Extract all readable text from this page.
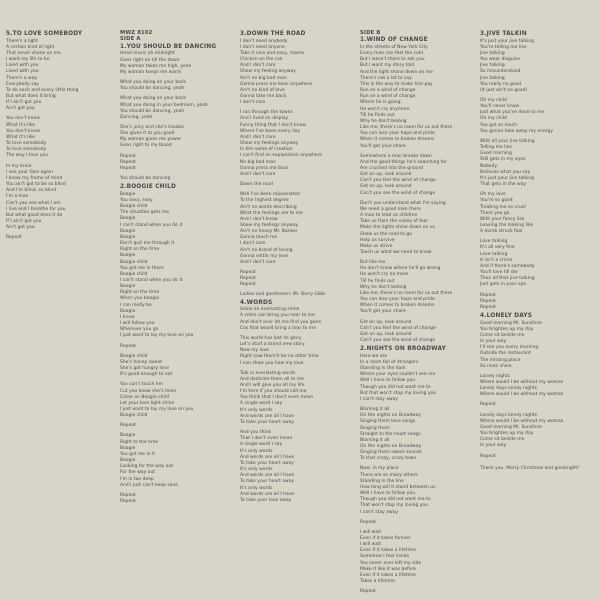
5.TO LOVE SOMEBODY
There's a light
A certain kind of light
That never shone on me
I want my life to be
Lived with you
Lived with you
There's a way
Everybody say
To do each and every little thing
But what does it bring
If I ain't got you
Ain't got you
You don't know
What it's like
You don't know
What it's like
To love somebody
To love somebody
The way I love you
In my brain
I see your face again
I know my frame of mind
You ain't got to be so blind
And I'm blind, so blind
I'm a man
Can't you see what I am
I live and I breathe for you
But what good does it do
If I ain't got you
Ain't got you
Repeat
MWZ 8102
SIDE A
1.YOU SHOULD BE DANCING
Head music oh midnight
Goes right on till the dawn
My woman takes me high, yeah
My woman keeps me warm
What you doing on your back
You should be dancing, yeah
What you doing on your back
What you doing in your bedroom, yeah
You should be dancing, yeah
Dancing, yeah
She's juicy and she's trouble
She gives it to you good
My woman gives me power
Goes right to my blood
Repeat
Repeat
Repeat
You should be dancing
2.BOOGIE CHILD
Boogie
You sexy, sexy
Boogie child
The situation gets me
Boogie
I can't stand when you do it
Boogie
Boogie
Don't quit me through it
Right on the time
Boogie
Boogie child
You got me in there
Boogie child
I can't stand when you do it
Boogie
Right on the time
When you boogie
I can really be
Boogie
I know
I will follow you
Wherever you go
I just want to lay my love on you
Repeat
Boogie child
She's honey sweet
She's got hungry love
It's good enough to eat
You can't touch her
Cut you know she's mine
Come on Boogie child
Let your love light shine
I just want to lay my love on you
Boogie child
Repeat
Boogie
Right to the time
Boogie
You got me in it
Boogie
Looking for the way out
For the way out
I'm in too deep
And I just can't keep sane
Repeat
Repeat
3.DOWN THE ROAD
I don't need anybody
I don't need anyone
Take it nice and easy, mama
Chicken on the run
And I don't care
Show my feeling anyway
Ain't no big bad man
Gonna press me back anywhere
Ain't no kind of love
Gonna take me back
I don't care
I ran through the towns
And I lived on display
Funny thing that I don't know
Where I've been every day
And I don't care
Show my feelings anyway
In the name of creation
I can't find an explanation anywhere
No big bad man
Gonna press me back
And I don't care
Down the road
Well I've been rejuvenated
To the highest degree
Ain't no words describing
What the feelings are to me
And I don't know
Show my feelings anyway
Ain't no heavy Mr. Banker
Gonna touch me
I don't care
Ain't no brand of loving
Gonna settle my love
And I don't care
Repeat
Repeat
Repeat
Ladies and gentlemen: Mr. Barry Gibb
4.WORDS
Smile an everlasting smile
A smile can bring you near to me
And don't ever let me find you gone
Cos that would bring a tear to me
This world has lost its glory
Let's start a brand new story
Now my love
Right now there'll be no other time
I can show you how my love
Talk in everlasting words
And dedicate them all to me
And I will give you all my life
I'm here if you should call me
You think that I don't even mean
A single word I say
It's only words
And words are all I have
To take your heart away
And you think
That I don't even mean
A single word I say
It's only words
And words are all I have
To take your heart away
It's only words
And words are all I have
To take your heart away
It's only words
And words are all I have
To take your love away
SIDE B
1.WIND OF CHANGE
In the streets of New York City
Every man can feel the cold
But I wasn't there to ask you
But I want my story told
And the light shone down on me
There's not a lot to say
This is the way to make him pay
Run on a wind of change
Run on a wind of change
Where he is going
He won't cry anymore
Till he finds out
Why he don't belong
Like me, there's no room for us out there
You can lose your hope and pride
When it comes to broken dreams
You'll get your share
Somewhere a man breaks down
And the good things he's searching for
Are crushed into the ground
Get on up, look around
Can't you feel the wind of change
Get on up, look around
Can't you see the wind of change
Don't you understand what I'm saying
We need a good man there
A man to lead us children
Take us from the valley of fear
Make the lights shine down on us
Show us the road to go
Help us survive
Make us strive
Teach us what we need to know
But like me
He don't know where he'll go wrong
He won't cry no more
Till he finds out
Why he don't belong
Like me, there's no room for us out there
You can lose your hope and pride
When it comes to broken dreams
You'll get your share
Get on up, look around
Can't you feel the wind of change
Get on up, look around
Can't you see the wind of change
2.NIGHTS ON BROADWAY
Here we are
In a room full of strangers
Standing in the dark
Where your eyes couldn't see me
Well I have to follow you
Though you did not want me to
But that won't stop my loving you
I can't stay away
Blaming it all
On the nights on Broadway
Singing them love songs
Singing them
Straight to the heart songs
Blaming it all
On the nights on Broadway
Singing them sweet sounds
To that crazy, crazy town
Now, in my place
There are so many others
Standing in the line
How long will it stand between us
Well I have to follow you
Though you did not want me to
That won't stop my loving you
I can't stay away
Repeat
I will wait
Even if it takes forever
I will wait
Even if it takes a lifetime
Somehow I feel inside
You never ever left my side
Make it like it was before
Even if it takes a lifetime
Takes a lifetime
Repeat
3.JIVE TALKIN
It's just your jive talking
You're telling me lies
Jive talking
You wear disguise
Jive talking
So misunderstood
Jive talking
You really no good
(It just ain't no good)
Oh my child
You'll never know
Just what you've done to me
Oh my child
You got so much
You gonna take away my energy
With all your jive talking
Telling me lies
Good morning
Still gets in my eyes
Nobody
Believes what you say
It's just your jive talking
That gets in the way
Oh my love
You're so good
Treating me so cruel
There you go
With your fancy lies
Leaving the looking like
A dumb struck fool
Love talking
It's all very fine
Love talking
It isn't a crime
And if there's somebody
You'll love till die
Then all that jive talking
Just gets in your eye
Repeat
Repeat
Repeat
4.LONELY DAYS
Good morning Mr. Sunshine
You brighten up my day
Come sit beside me
In your way
I'll see you every morning
Outside the restaurant
The missing place
So none shine
Lonely nights
Where would I be without my woman
Lonely days lonely nights
Where would I be without my woman
Repeat
Lonely days lonely nights
Where would I be without my woman
Good morning Mr. Sunshine
You brighten up my day
Come sit beside me
In your way
Repeat
Thank you. Merry Christmas and goodnight!
